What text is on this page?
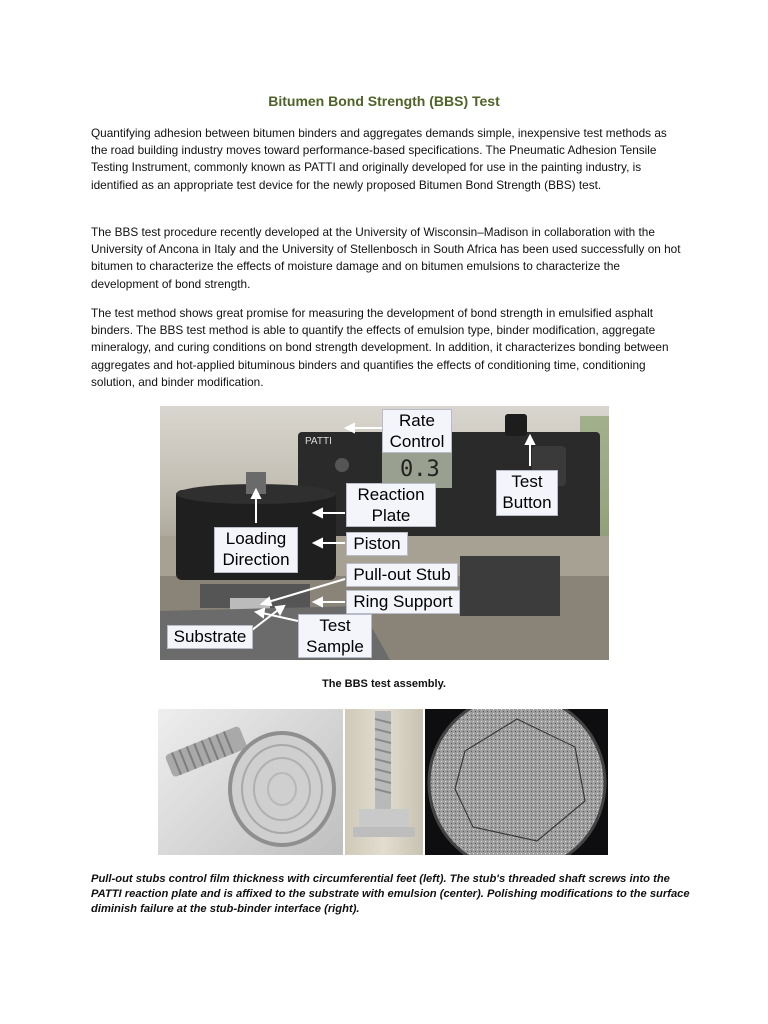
Bitumen Bond Strength (BBS) Test

Quantifying adhesion between bitumen binders and aggregates demands simple, inexpensive test methods as the road building industry moves toward performance-based specifications. The Pneumatic Adhesion Tensile Testing Instrument, commonly known as PATTI and originally developed for use in the painting industry, is identified as an appropriate test device for the newly proposed Bitumen Bond Strength (BBS) test.

The BBS test procedure recently developed at the University of Wisconsin–Madison in collaboration with the University of Ancona in Italy and the University of Stellenbosch in South Africa has been used successfully on hot bitumen to characterize the effects of moisture damage and on bitumen emulsions to characterize the development of bond strength.

The test method shows great promise for measuring the development of bond strength in emulsified asphalt binders. The BBS test method is able to quantify the effects of emulsion type, binder modification, aggregate mineralogy, and curing conditions on bond strength development. In addition, it characterizes bonding between aggregates and hot-applied bituminous binders and quantifies the effects of conditioning time, conditioning solution, and binder modification.

0.3
PATTI
Rate Control
Test Button
Reaction Plate
Loading Direction
Piston
Pull-out Stub
Ring Support
Substrate
Test Sample
The BBS test assembly.

Pull-out stubs control film thickness with circumferential feet (left). The stub's threaded shaft screws into the PATTI reaction plate and is affixed to the substrate with emulsion (center). Polishing modifications to the surface diminish failure at the stub-binder interface (right).
